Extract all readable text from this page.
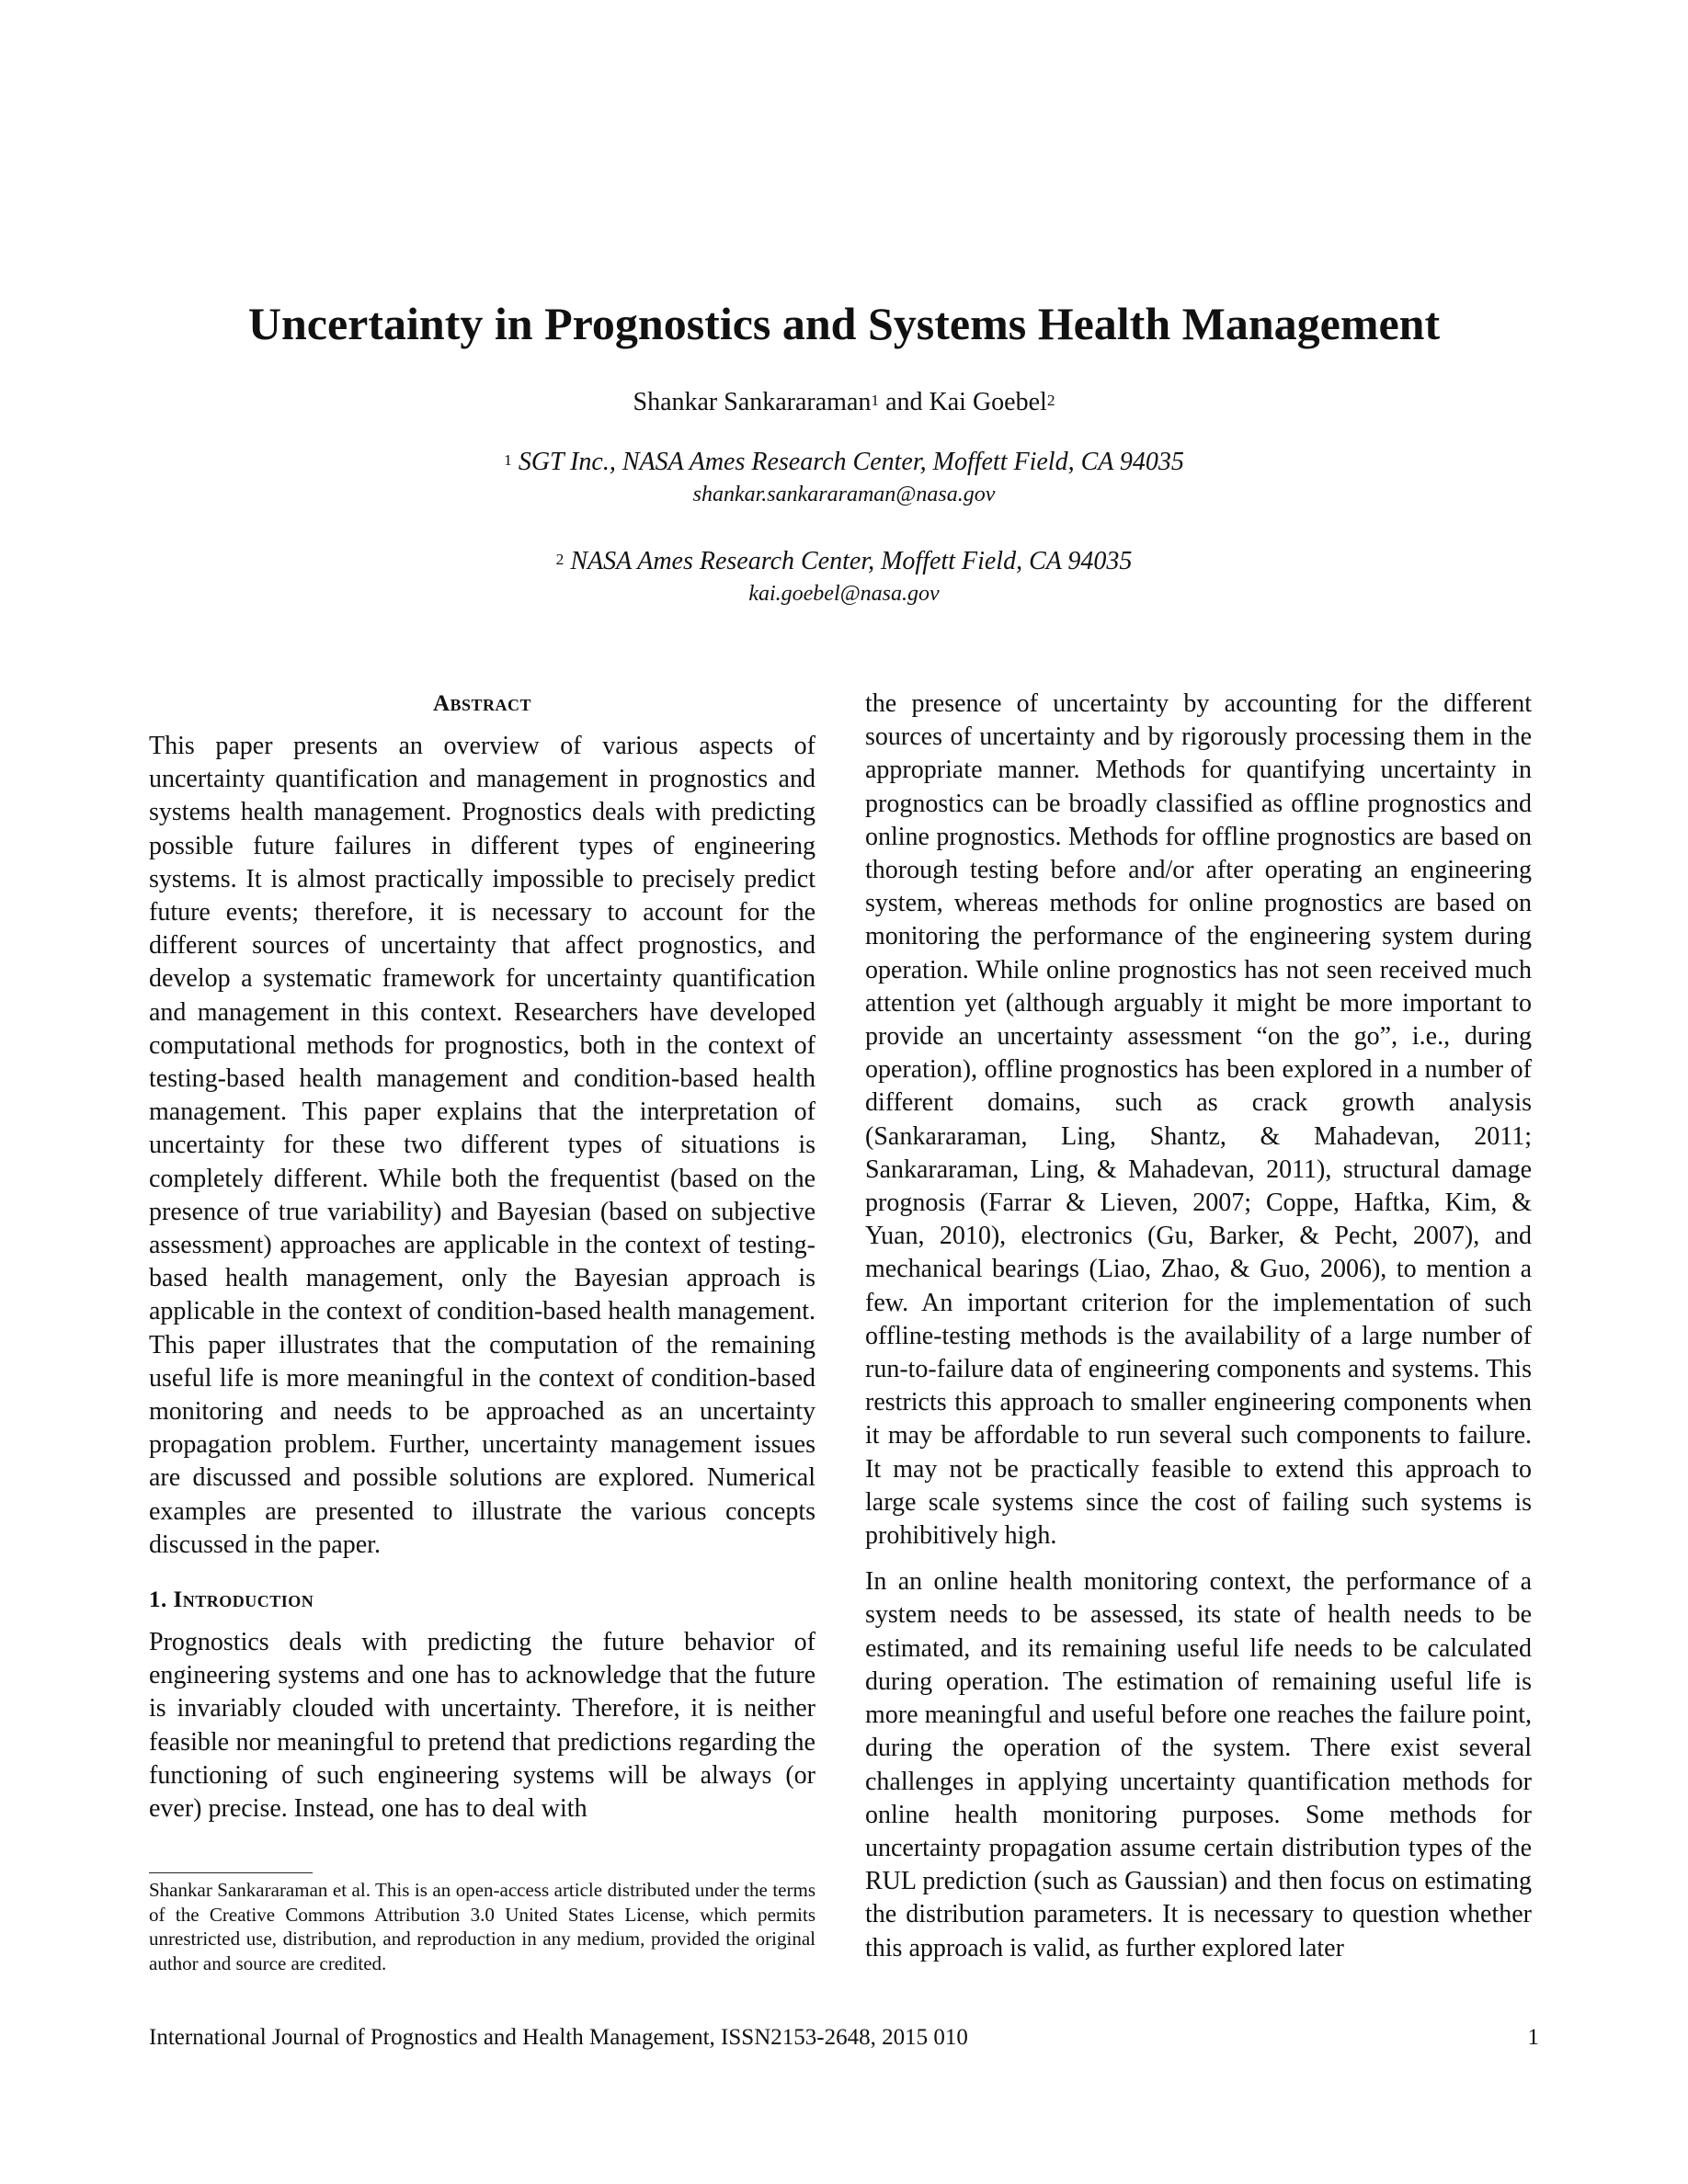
Uncertainty in Prognostics and Systems Health Management
Shankar Sankararaman$^1$ and Kai Goebel$^2$
$^1$ SGT Inc., NASA Ames Research Center, Moffett Field, CA 94035
shankar.sankararaman@nasa.gov
$^2$ NASA Ames Research Center, Moffett Field, CA 94035
kai.goebel@nasa.gov
Abstract

This paper presents an overview of various aspects of uncertainty quantification and management in prognostics and systems health management. Prognostics deals with predicting possible future failures in different types of engineering systems. It is almost practically impossible to precisely predict future events; therefore, it is necessary to account for the different sources of uncertainty that affect prognostics, and develop a systematic framework for uncertainty quantification and management in this context. Researchers have developed computational methods for prognostics, both in the context of testing-based health management and condition-based health management. This paper explains that the interpretation of uncertainty for these two different types of situations is completely different. While both the frequentist (based on the presence of true variability) and Bayesian (based on subjective assessment) approaches are applicable in the context of testing-based health management, only the Bayesian approach is applicable in the context of condition-based health management. This paper illustrates that the computation of the remaining useful life is more meaningful in the context of condition-based monitoring and needs to be approached as an uncertainty propagation problem. Further, uncertainty management issues are discussed and possible solutions are explored. Numerical examples are presented to illustrate the various concepts discussed in the paper.

1. Introduction

Prognostics deals with predicting the future behavior of engineering systems and one has to acknowledge that the future is invariably clouded with uncertainty. Therefore, it is neither feasible nor meaningful to pretend that predictions regarding the functioning of such engineering systems will be always (or ever) precise. Instead, one has to deal with

the presence of uncertainty by accounting for the different sources of uncertainty and by rigorously processing them in the appropriate manner. Methods for quantifying uncertainty in prognostics can be broadly classified as offline prognostics and online prognostics. Methods for offline prognostics are based on thorough testing before and/or after operating an engineering system, whereas methods for online prognostics are based on monitoring the performance of the engineering system during operation. While online prognostics has not seen received much attention yet (although arguably it might be more important to provide an uncertainty assessment “on the go”, i.e., during operation), offline prognostics has been explored in a number of different domains, such as crack growth analysis (Sankararaman, Ling, Shantz, & Mahadevan, 2011; Sankararaman, Ling, & Mahadevan, 2011), structural damage prognosis (Farrar & Lieven, 2007; Coppe, Haftka, Kim, & Yuan, 2010), electronics (Gu, Barker, & Pecht, 2007), and mechanical bearings (Liao, Zhao, & Guo, 2006), to mention a few. An important criterion for the implementation of such offline-testing methods is the availability of a large number of run-to-failure data of engineering components and systems. This restricts this approach to smaller engineering components when it may be affordable to run several such components to failure. It may not be practically feasible to extend this approach to large scale systems since the cost of failing such systems is prohibitively high.

In an online health monitoring context, the performance of a system needs to be assessed, its state of health needs to be estimated, and its remaining useful life needs to be calculated during operation. The estimation of remaining useful life is more meaningful and useful before one reaches the failure point, during the operation of the system. There exist several challenges in applying uncertainty quantification methods for online health monitoring purposes. Some methods for uncertainty propagation assume certain distribution types of the RUL prediction (such as Gaussian) and then focus on estimating the distribution parameters. It is necessary to question whether this approach is valid, as further explored later

Shankar Sankararaman et al. This is an open-access article distributed under the terms of the Creative Commons Attribution 3.0 United States License, which permits unrestricted use, distribution, and reproduction in any medium, provided the original author and source are credited.
International Journal of Prognostics and Health Management, ISSN2153-2648, 2015 010	1
